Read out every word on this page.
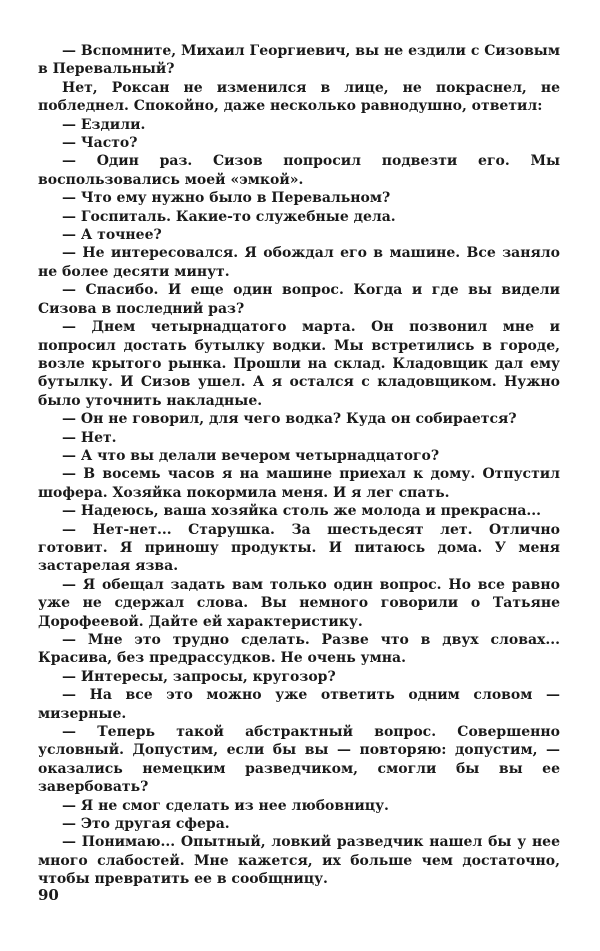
— Вспомните, Михаил Георгиевич, вы не ездили с Сизовым в Перевальный?

Нет, Роксан не изменился в лице, не покраснел, не побледнел. Спокойно, даже несколько равнодушно, ответил:

— Ездили.

— Часто?

— Один раз. Сизов попросил подвезти его. Мы воспользовались моей «эмкой».

— Что ему нужно было в Перевальном?

— Госпиталь. Какие-то служебные дела.

— А точнее?

— Не интересовался. Я обождал его в машине. Все заняло не более десяти минут.

— Спасибо. И еще один вопрос. Когда и где вы видели Сизова в последний раз?

— Днем четырнадцатого марта. Он позвонил мне и попросил достать бутылку водки. Мы встретились в городе, возле крытого рынка. Прошли на склад. Кладовщик дал ему бутылку. И Сизов ушел. А я остался с кладовщиком. Нужно было уточнить накладные.

— Он не говорил, для чего водка? Куда он собирается?

— Нет.

— А что вы делали вечером четырнадцатого?

— В восемь часов я на машине приехал к дому. Отпустил шофера. Хозяйка покормила меня. И я лег спать.

— Надеюсь, ваша хозяйка столь же молода и прекрасна...

— Нет-нет... Старушка. За шестьдесят лет. Отлично готовит. Я приношу продукты. И питаюсь дома. У меня застарелая язва.

— Я обещал задать вам только один вопрос. Но все равно уже не сдержал слова. Вы немного говорили о Татьяне Дорофеевой. Дайте ей характеристику.

— Мне это трудно сделать. Разве что в двух словах... Красива, без предрассудков. Не очень умна.

— Интересы, запросы, кругозор?

— На все это можно уже ответить одним словом — мизерные.

— Теперь такой абстрактный вопрос. Совершенно условный. Допустим, если бы вы — повторяю: допустим, — оказались немецким разведчиком, смогли бы вы ее завербовать?

— Я не смог сделать из нее любовницу.

— Это другая сфера.

— Понимаю... Опытный, ловкий разведчик нашел бы у нее много слабостей. Мне кажется, их больше чем достаточно, чтобы превратить ее в сообщницу.

90
